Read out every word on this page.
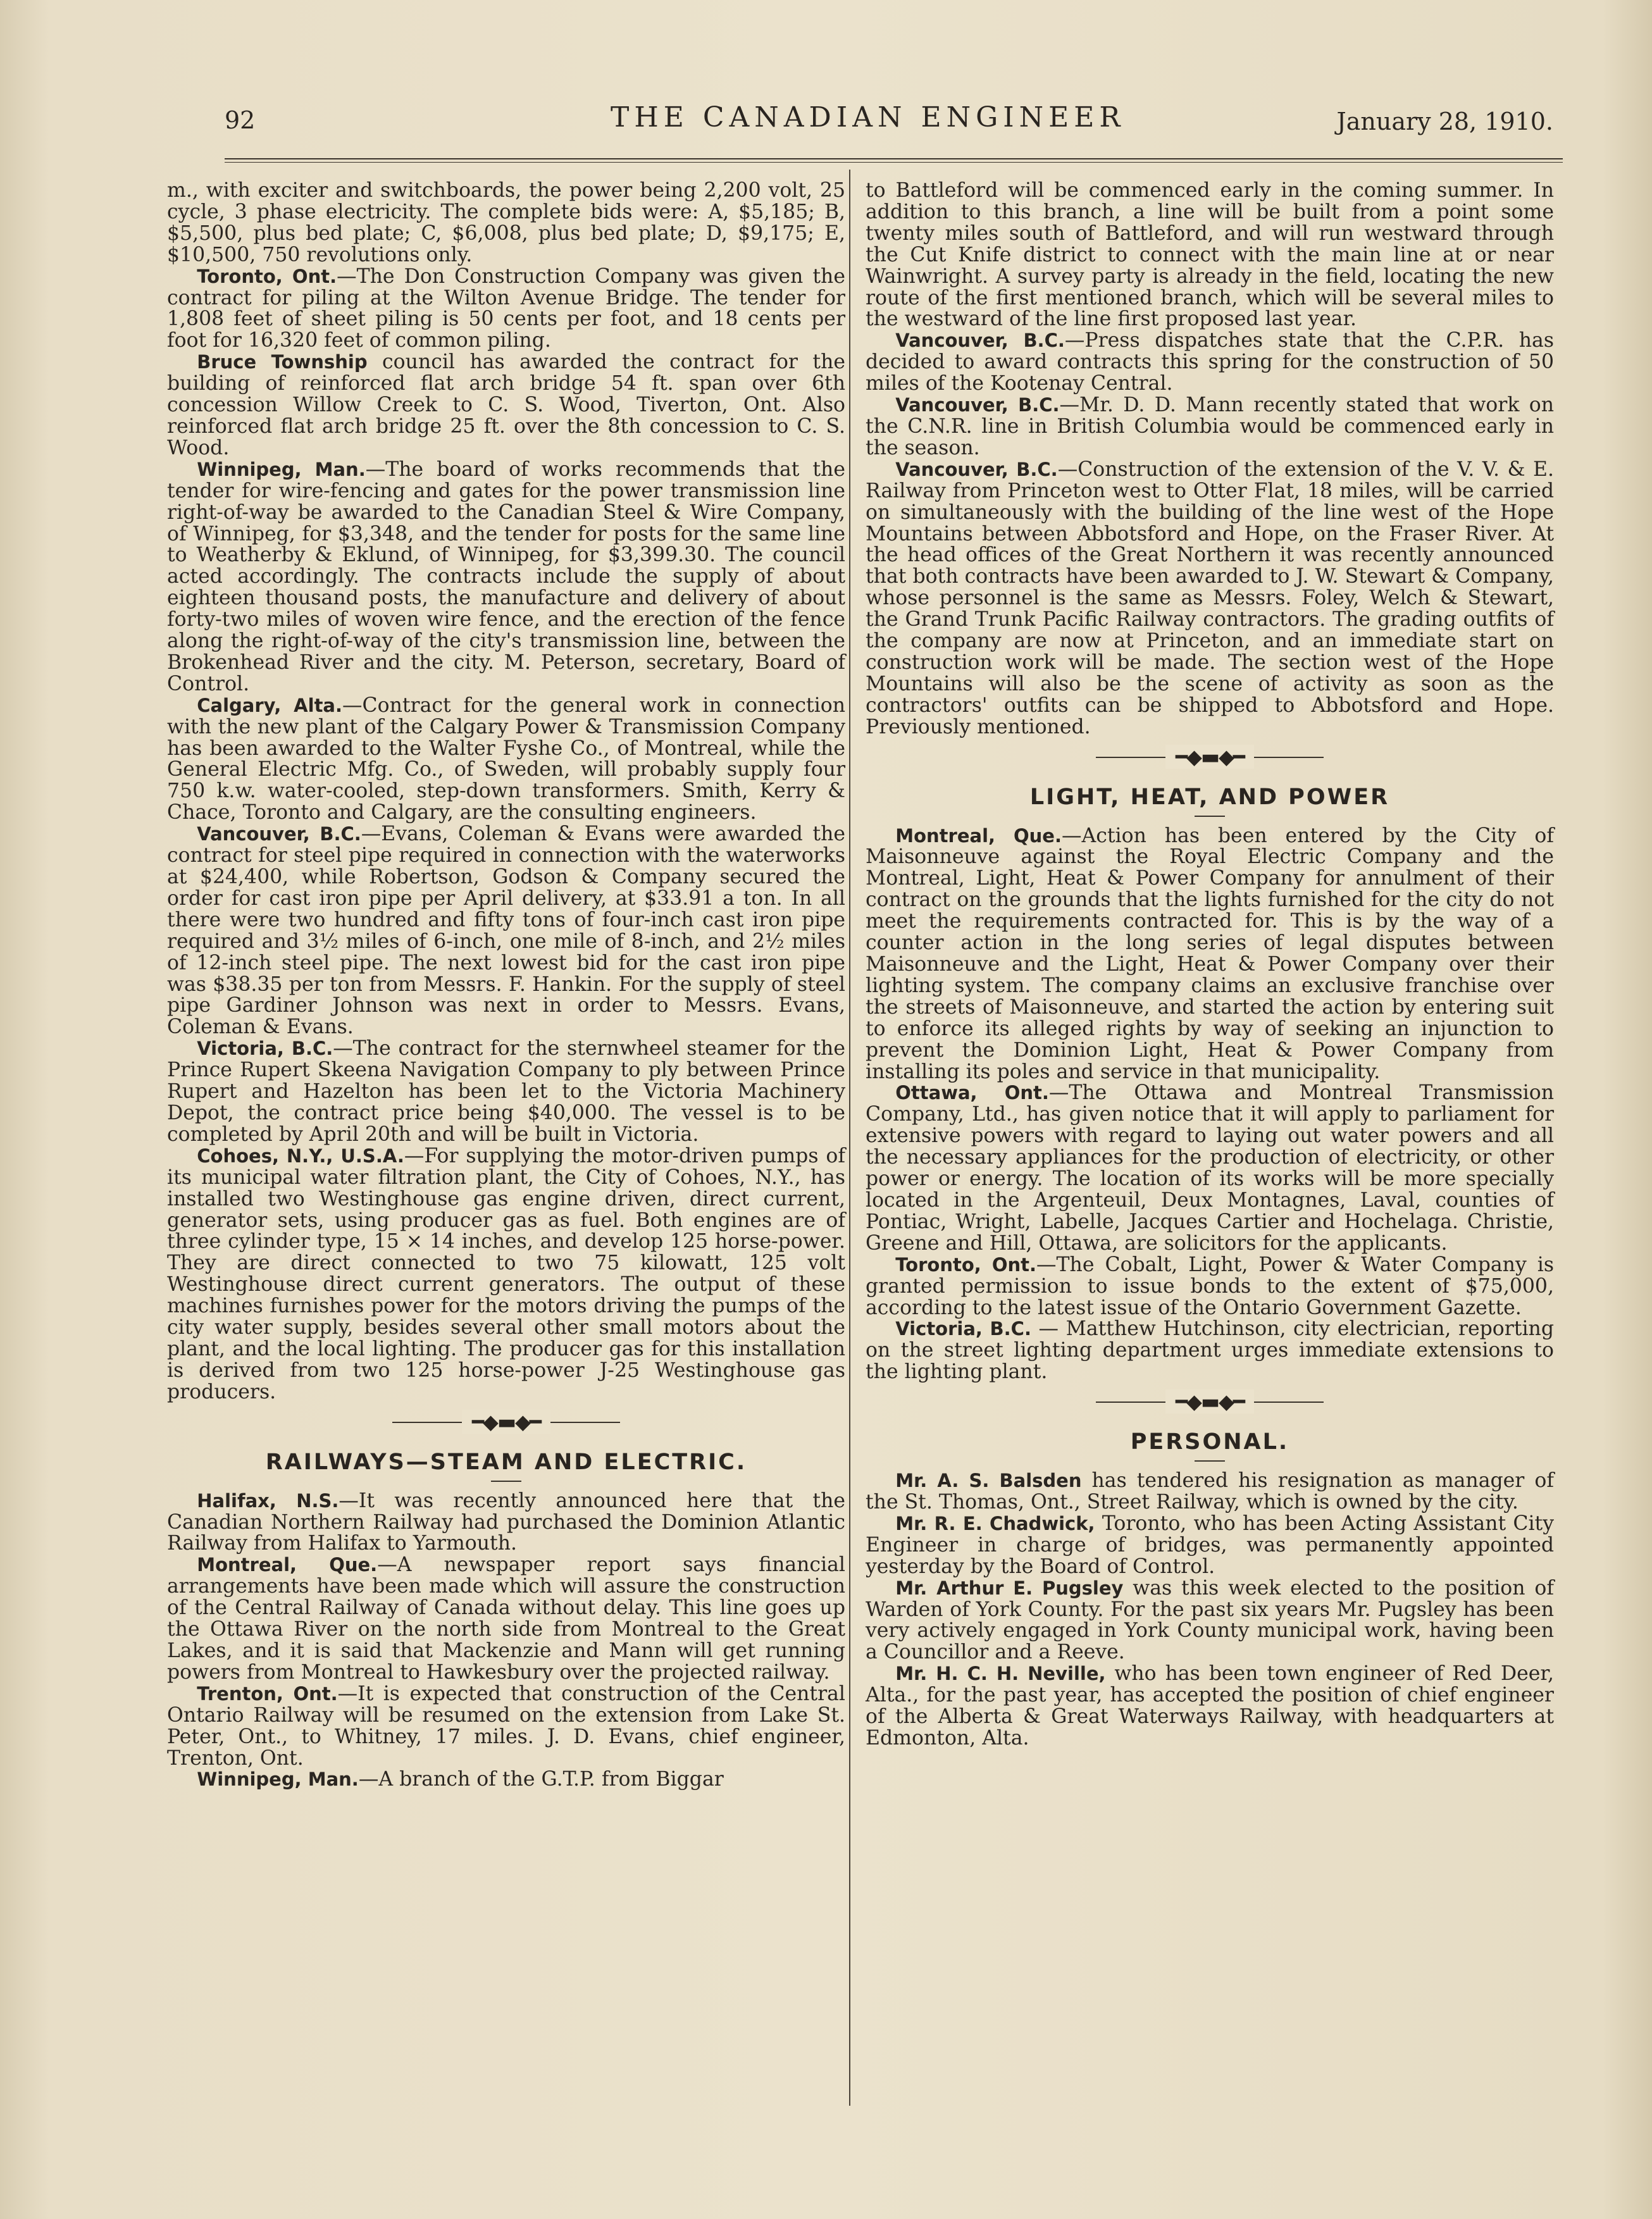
92	THE CANADIAN ENGINEER	January 28, 1910.

m., with exciter and switchboards, the power being 2,200 volt, 25 cycle, 3 phase electricity. The complete bids were: A, $5,185; B, $5,500, plus bed plate; C, $6,008, plus bed plate; D, $9,175; E, $10,500, 750 revolutions only.

Toronto, Ont.—The Don Construction Company was given the contract for piling at the Wilton Avenue Bridge. The tender for 1,808 feet of sheet piling is 50 cents per foot, and 18 cents per foot for 16,320 feet of common piling.

Bruce Township council has awarded the contract for the building of reinforced flat arch bridge 54 ft. span over 6th concession Willow Creek to C. S. Wood, Tiverton, Ont. Also reinforced flat arch bridge 25 ft. over the 8th concession to C. S. Wood.

Winnipeg, Man.—The board of works recommends that the tender for wire-fencing and gates for the power transmission line right-of-way be awarded to the Canadian Steel & Wire Company, of Winnipeg, for $3,348, and the tender for posts for the same line to Weatherby & Eklund, of Winnipeg, for $3,399.30. The council acted accordingly. The contracts include the supply of about eighteen thousand posts, the manufacture and delivery of about forty-two miles of woven wire fence, and the erection of the fence along the right-of-way of the city's transmission line, between the Brokenhead River and the city. M. Peterson, secretary, Board of Control.

Calgary, Alta.—Contract for the general work in connection with the new plant of the Calgary Power & Transmission Company has been awarded to the Walter Fyshe Co., of Montreal, while the General Electric Mfg. Co., of Sweden, will probably supply four 750 k.w. water-cooled, step-down transformers. Smith, Kerry & Chace, Toronto and Calgary, are the consulting engineers.

Vancouver, B.C.—Evans, Coleman & Evans were awarded the contract for steel pipe required in connection with the waterworks at $24,400, while Robertson, Godson & Company secured the order for cast iron pipe per April delivery, at $33.91 a ton. In all there were two hundred and fifty tons of four-inch cast iron pipe required and 3½ miles of 6-inch, one mile of 8-inch, and 2½ miles of 12-inch steel pipe. The next lowest bid for the cast iron pipe was $38.35 per ton from Messrs. F. Hankin. For the supply of steel pipe Gardiner Johnson was next in order to Messrs. Evans, Coleman & Evans.

Victoria, B.C.—The contract for the sternwheel steamer for the Prince Rupert Skeena Navigation Company to ply between Prince Rupert and Hazelton has been let to the Victoria Machinery Depot, the contract price being $40,000. The vessel is to be completed by April 20th and will be built in Victoria.

Cohoes, N.Y., U.S.A.—For supplying the motor-driven pumps of its municipal water filtration plant, the City of Cohoes, N.Y., has installed two Westinghouse gas engine driven, direct current, generator sets, using producer gas as fuel. Both engines are of three cylinder type, 15 × 14 inches, and develop 125 horse-power. They are direct connected to two 75 kilowatt, 125 volt Westinghouse direct current generators. The output of these machines furnishes power for the motors driving the pumps of the city water supply, besides several other small motors about the plant, and the local lighting. The producer gas for this installation is derived from two 125 horse-power J-25 Westinghouse gas producers.

━◆▬◆━
RAILWAYS—STEAM AND ELECTRIC.

Halifax, N.S.—It was recently announced here that the Canadian Northern Railway had purchased the Dominion Atlantic Railway from Halifax to Yarmouth.

Montreal, Que.—A newspaper report says financial arrangements have been made which will assure the construction of the Central Railway of Canada without delay. This line goes up the Ottawa River on the north side from Montreal to the Great Lakes, and it is said that Mackenzie and Mann will get running powers from Montreal to Hawkesbury over the projected railway.

Trenton, Ont.—It is expected that construction of the Central Ontario Railway will be resumed on the extension from Lake St. Peter, Ont., to Whitney, 17 miles. J. D. Evans, chief engineer, Trenton, Ont.

Winnipeg, Man.—A branch of the G.T.P. from Biggar

to Battleford will be commenced early in the coming summer. In addition to this branch, a line will be built from a point some twenty miles south of Battleford, and will run westward through the Cut Knife district to connect with the main line at or near Wainwright. A survey party is already in the field, locating the new route of the first mentioned branch, which will be several miles to the westward of the line first proposed last year.

Vancouver, B.C.—Press dispatches state that the C.P.R. has decided to award contracts this spring for the construction of 50 miles of the Kootenay Central.

Vancouver, B.C.—Mr. D. D. Mann recently stated that work on the C.N.R. line in British Columbia would be commenced early in the season.

Vancouver, B.C.—Construction of the extension of the V. V. & E. Railway from Princeton west to Otter Flat, 18 miles, will be carried on simultaneously with the building of the line west of the Hope Mountains between Abbotsford and Hope, on the Fraser River. At the head offices of the Great Northern it was recently announced that both contracts have been awarded to J. W. Stewart & Company, whose personnel is the same as Messrs. Foley, Welch & Stewart, the Grand Trunk Pacific Railway contractors. The grading outfits of the company are now at Princeton, and an immediate start on construction work will be made. The section west of the Hope Mountains will also be the scene of activity as soon as the contractors' outfits can be shipped to Abbotsford and Hope. Previously mentioned.

━◆▬◆━
LIGHT, HEAT, AND POWER

Montreal, Que.—Action has been entered by the City of Maisonneuve against the Royal Electric Company and the Montreal, Light, Heat & Power Company for annulment of their contract on the grounds that the lights furnished for the city do not meet the requirements contracted for. This is by the way of a counter action in the long series of legal disputes between Maisonneuve and the Light, Heat & Power Company over their lighting system. The company claims an exclusive franchise over the streets of Maisonneuve, and started the action by entering suit to enforce its alleged rights by way of seeking an injunction to prevent the Dominion Light, Heat & Power Company from installing its poles and service in that municipality.

Ottawa, Ont.—The Ottawa and Montreal Transmission Company, Ltd., has given notice that it will apply to parliament for extensive powers with regard to laying out water powers and all the necessary appliances for the production of electricity, or other power or energy. The location of its works will be more specially located in the Argenteuil, Deux Montagnes, Laval, counties of Pontiac, Wright, Labelle, Jacques Cartier and Hochelaga. Christie, Greene and Hill, Ottawa, are solicitors for the applicants.

Toronto, Ont.—The Cobalt, Light, Power & Water Company is granted permission to issue bonds to the extent of $75,000, according to the latest issue of the Ontario Government Gazette.

Victoria, B.C. — Matthew Hutchinson, city electrician, reporting on the street lighting department urges immediate extensions to the lighting plant.

━◆▬◆━
PERSONAL.

Mr. A. S. Balsden has tendered his resignation as manager of the St. Thomas, Ont., Street Railway, which is owned by the city.

Mr. R. E. Chadwick, Toronto, who has been Acting Assistant City Engineer in charge of bridges, was permanently appointed yesterday by the Board of Control.

Mr. Arthur E. Pugsley was this week elected to the position of Warden of York County. For the past six years Mr. Pugsley has been very actively engaged in York County municipal work, having been a Councillor and a Reeve.

Mr. H. C. H. Neville, who has been town engineer of Red Deer, Alta., for the past year, has accepted the position of chief engineer of the Alberta & Great Waterways Railway, with headquarters at Edmonton, Alta.
